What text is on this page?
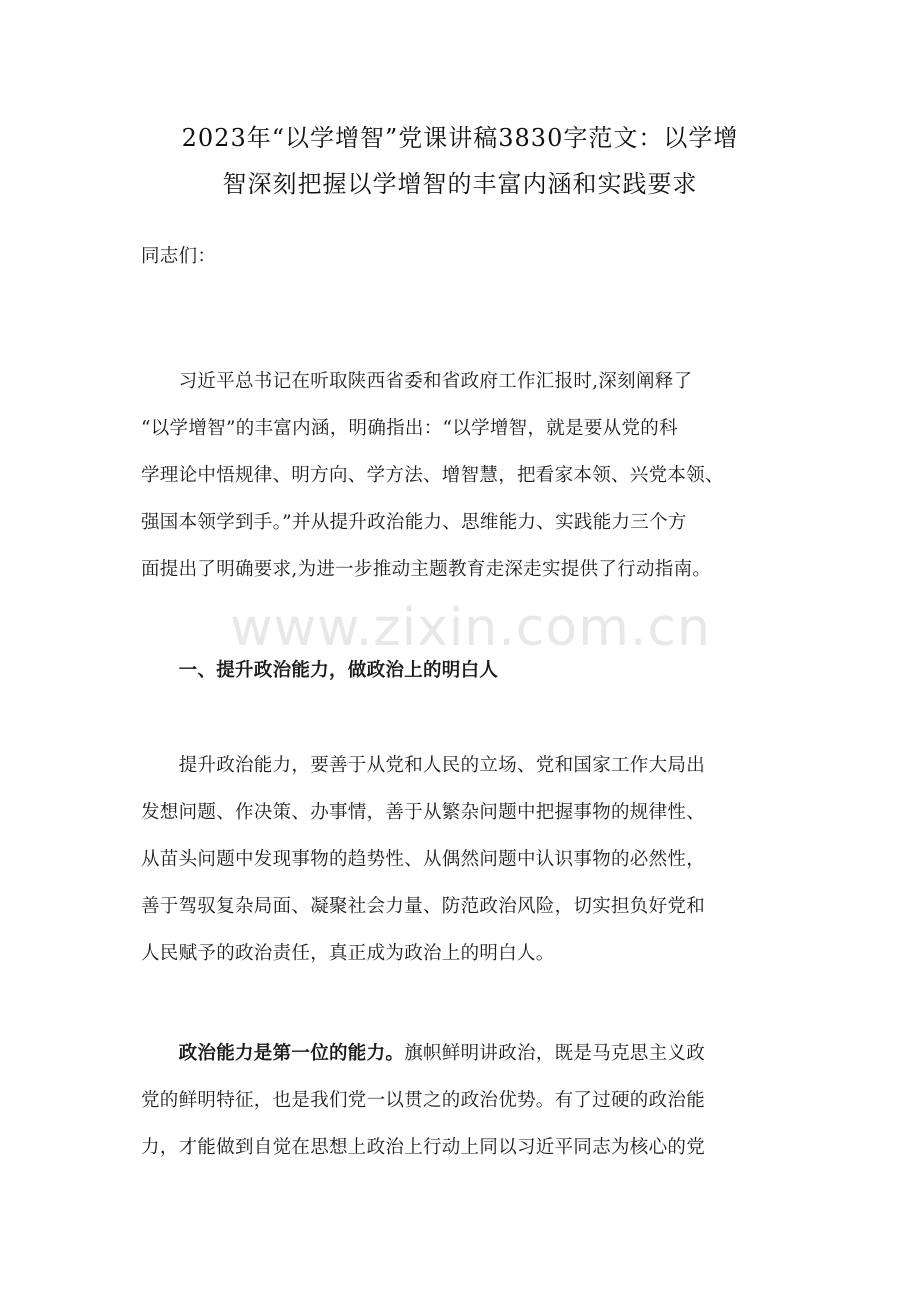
www.zixin.com.cn
2023年“以学增智”党课讲稿3830字范文：以学增
智深刻把握以学增智的丰富内涵和实践要求

同志们：

　　习近平总书记在听取陕西省委和省政府工作汇报时,深刻阐释了

“以学增智”的丰富内涵，明确指出：“以学增智，就是要从党的科

学理论中悟规律、明方向、学方法、增智慧，把看家本领、兴党本领、

强国本领学到手。”并从提升政治能力、思维能力、实践能力三个方

面提出了明确要求,为进一步推动主题教育走深走实提供了行动指南。

　　一、提升政治能力，做政治上的明白人

　　提升政治能力，要善于从党和人民的立场、党和国家工作大局出

发想问题、作决策、办事情，善于从繁杂问题中把握事物的规律性、

从苗头问题中发现事物的趋势性、从偶然问题中认识事物的必然性，

善于驾驭复杂局面、凝聚社会力量、防范政治风险，切实担负好党和

人民赋予的政治责任，真正成为政治上的明白人。

　　政治能力是第一位的能力。旗帜鲜明讲政治，既是马克思主义政

党的鲜明特征，也是我们党一以贯之的政治优势。有了过硬的政治能

力，才能做到自觉在思想上政治上行动上同以习近平同志为核心的党
